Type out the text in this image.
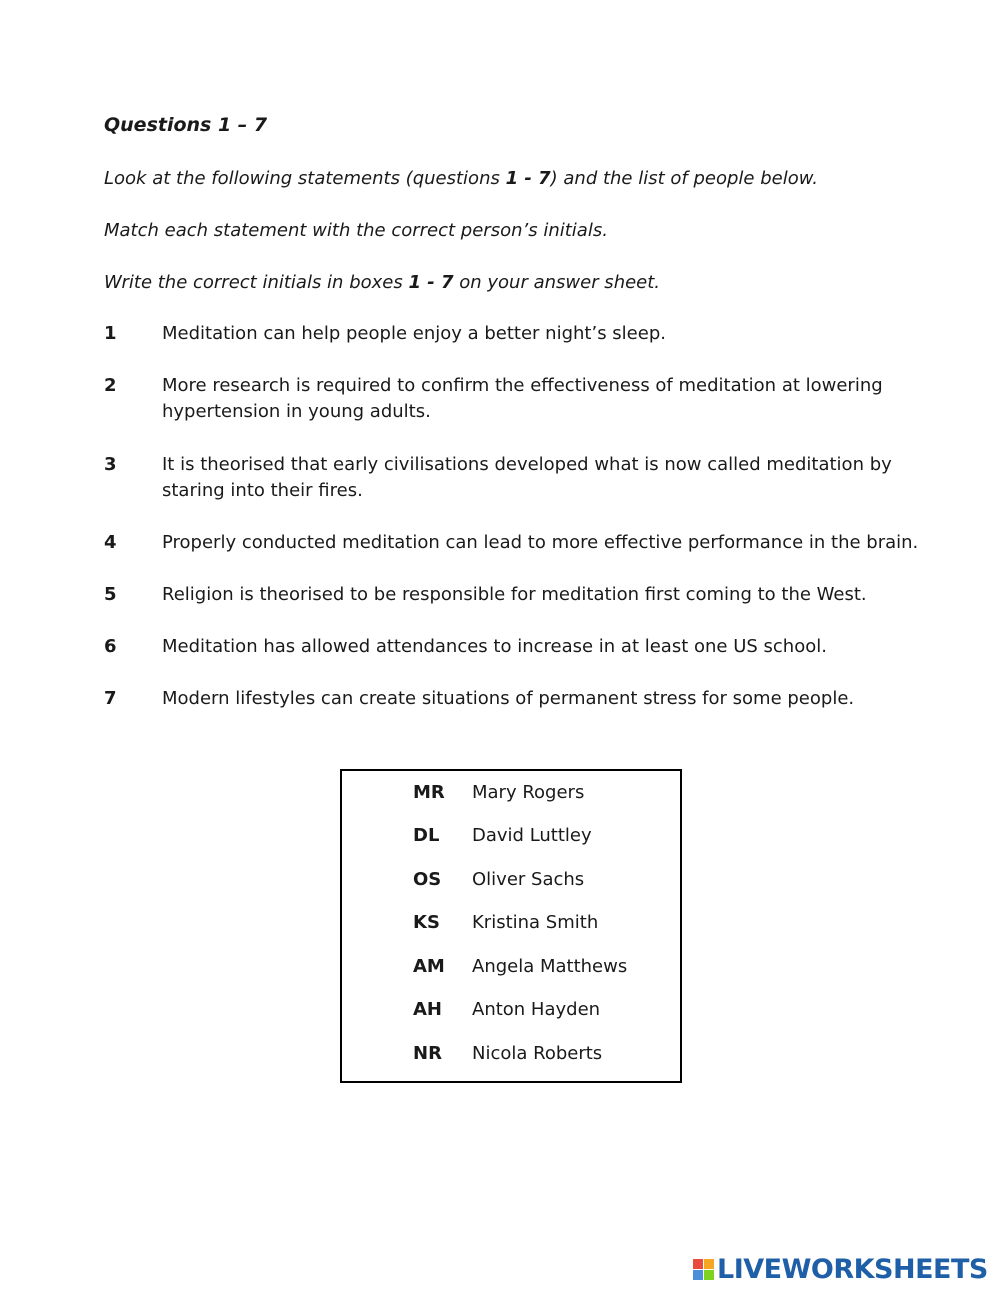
Questions 1 – 7
Look at the following statements (questions 1 - 7) and the list of people below.
Match each statement with the correct person’s initials.
Write the correct initials in boxes 1 - 7 on your answer sheet.
1	Meditation can help people enjoy a better night’s sleep.
2	More research is required to confirm the effectiveness of meditation at lowering hypertension in young adults.
3	It is theorised that early civilisations developed what is now called meditation by staring into their fires.
4	Properly conducted meditation can lead to more effective performance in the brain.
5	Religion is theorised to be responsible for meditation first coming to the West.
6	Meditation has allowed attendances to increase in at least one US school.
7	Modern lifestyles can create situations of permanent stress for some people.
MR Mary Rogers
DL David Luttley
OS Oliver Sachs
KS Kristina Smith
AM Angela Matthews
AH Anton Hayden
NR Nicola Roberts
LIVEWORKSHEETS
